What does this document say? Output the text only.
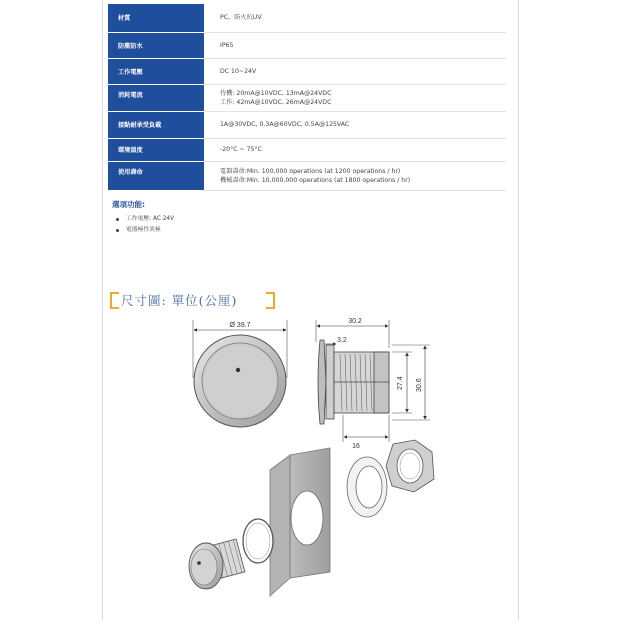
材質	PC，防火抗UV

防塵防水	IP65

工作電壓	DC 10~24V

消耗電流	待機: 20mA@10VDC, 13mA@24VDC
工作: 42mA@10VDC, 26mA@24VDC

接點耐承受負載	1A@30VDC, 0.3A@60VDC, 0.5A@125VAC

環境溫度	-20°C ~ 75°C

使用壽命	電器壽命:Min. 100,000 operations (at 1200 operations / hr)
機械壽命:Min. 10,000,000 operations (at 1800 operations / hr)
選項功能:
工作電壓: AC 24V
電器極性異極
尺寸圖: 單位(公厘)
Ø 39.7
30.2
3.2
27.4 30.6
16
